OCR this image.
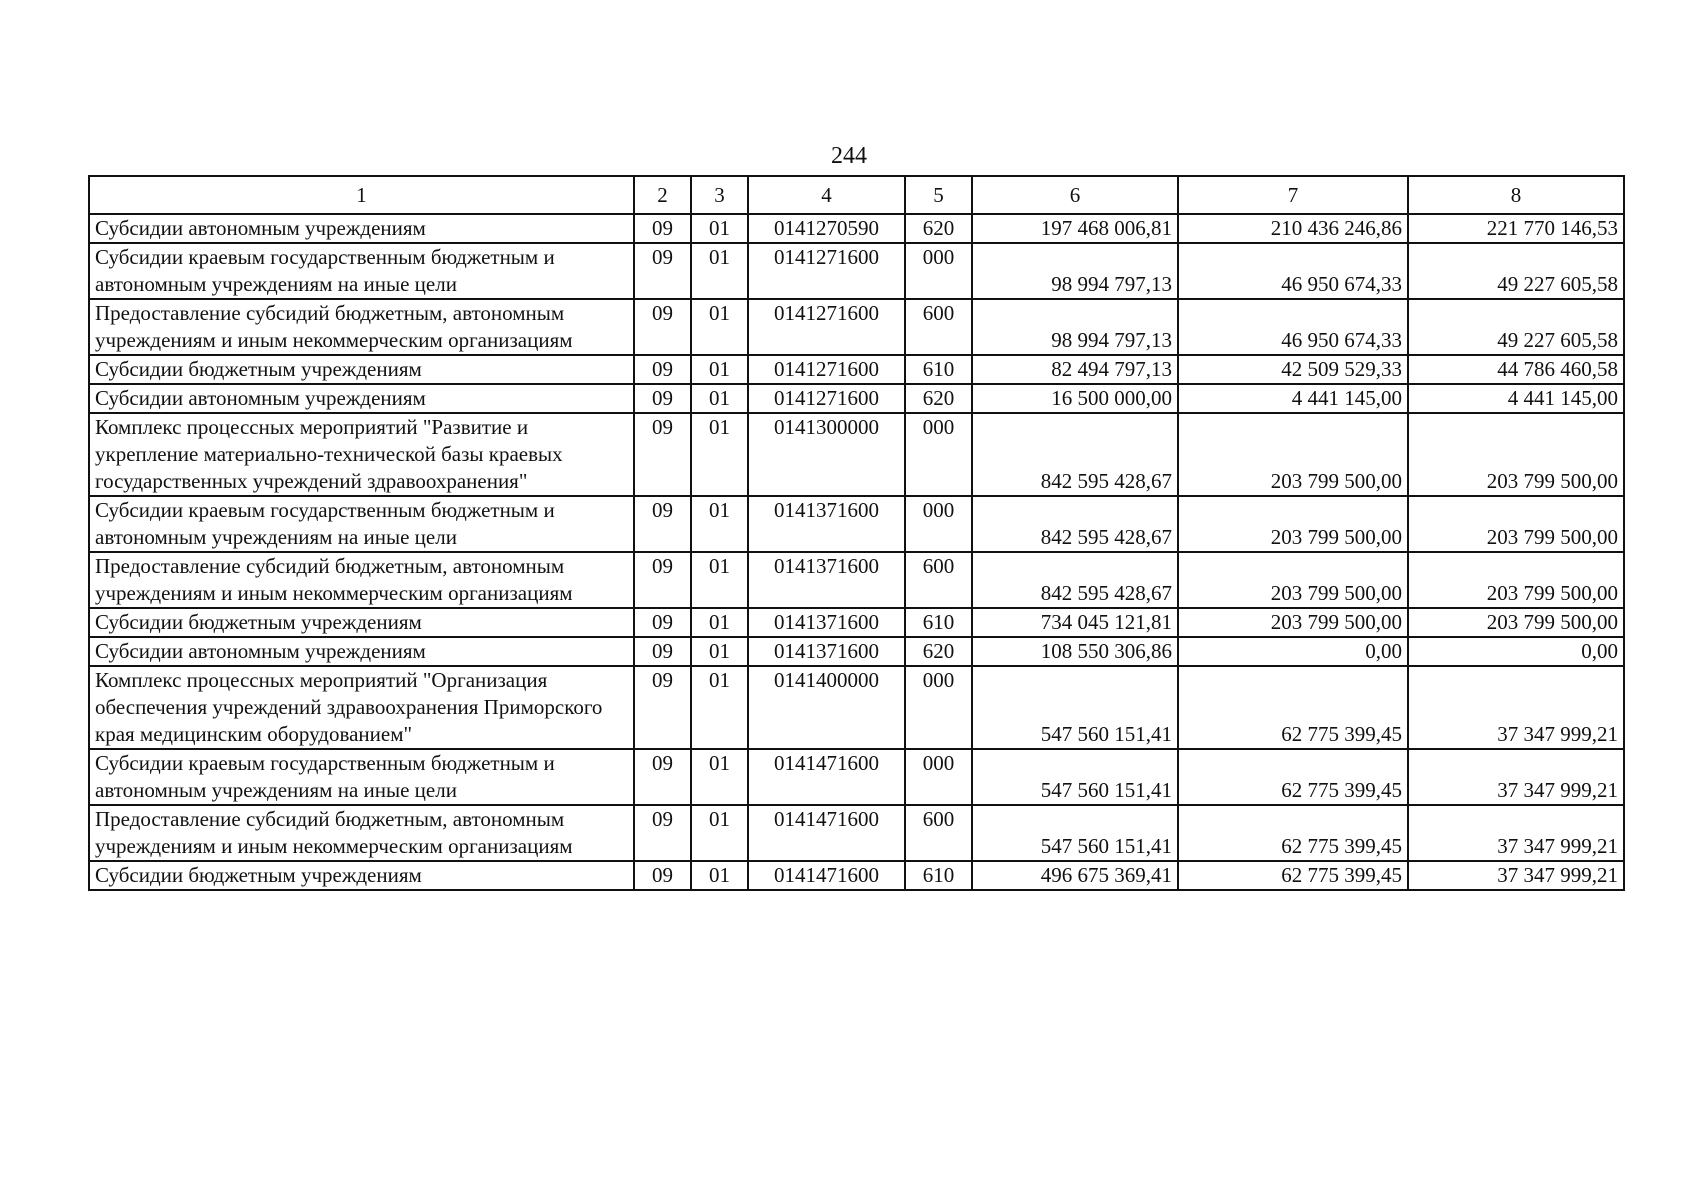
244
1	2	3	4	5	6	7	8
Субсидии автономным учреждениям	09	01	0141270590	620	197 468 006,81	210 436 246,86	221 770 146,53
Субсидии краевым государственным бюджетным и автономным учреждениям на иные цели	09	01	0141271600	000	98 994 797,13	46 950 674,33	49 227 605,58
Предоставление субсидий бюджетным, автономным учреждениям и иным некоммерческим организациям	09	01	0141271600	600	98 994 797,13	46 950 674,33	49 227 605,58
Субсидии бюджетным учреждениям	09	01	0141271600	610	82 494 797,13	42 509 529,33	44 786 460,58
Субсидии автономным учреждениям	09	01	0141271600	620	16 500 000,00	4 441 145,00	4 441 145,00
Комплекс процессных мероприятий "Развитие и укрепление материально-технической базы краевых государственных учреждений здравоохранения"	09	01	0141300000	000	842 595 428,67	203 799 500,00	203 799 500,00
Субсидии краевым государственным бюджетным и автономным учреждениям на иные цели	09	01	0141371600	000	842 595 428,67	203 799 500,00	203 799 500,00
Предоставление субсидий бюджетным, автономным учреждениям и иным некоммерческим организациям	09	01	0141371600	600	842 595 428,67	203 799 500,00	203 799 500,00
Субсидии бюджетным учреждениям	09	01	0141371600	610	734 045 121,81	203 799 500,00	203 799 500,00
Субсидии автономным учреждениям	09	01	0141371600	620	108 550 306,86	0,00	0,00
Комплекс процессных мероприятий "Организация обеспечения учреждений здравоохранения Приморского края медицинским оборудованием"	09	01	0141400000	000	547 560 151,41	62 775 399,45	37 347 999,21
Субсидии краевым государственным бюджетным и автономным учреждениям на иные цели	09	01	0141471600	000	547 560 151,41	62 775 399,45	37 347 999,21
Предоставление субсидий бюджетным, автономным учреждениям и иным некоммерческим организациям	09	01	0141471600	600	547 560 151,41	62 775 399,45	37 347 999,21
Субсидии бюджетным учреждениям	09	01	0141471600	610	496 675 369,41	62 775 399,45	37 347 999,21
